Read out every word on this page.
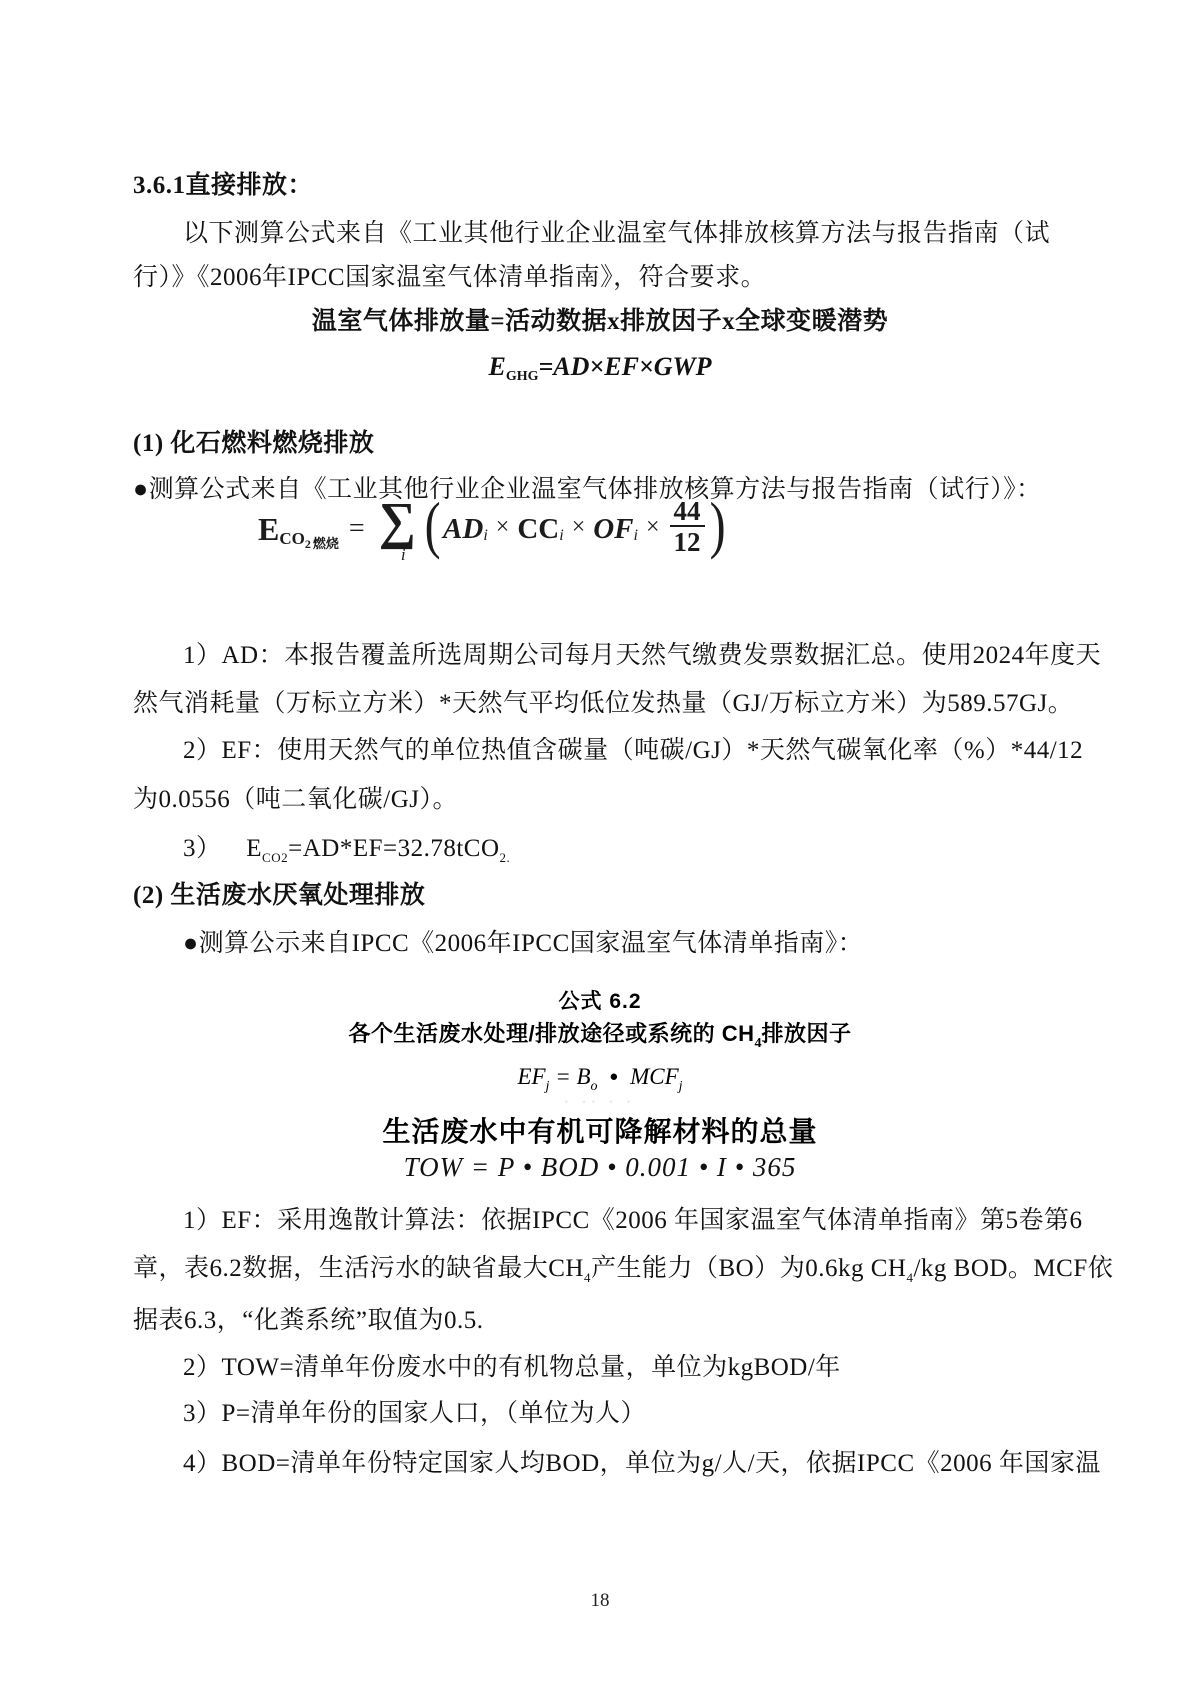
3.6.1直接排放：
以下测算公式来自《工业其他行业企业温室气体排放核算方法与报告指南（试
行）》《2006年IPCC国家温室气体清单指南》，符合要求。
温室气体排放量=活动数据x排放因子x全球变暖潜势
EGHG=AD×EF×GWP
(1) 化石燃料燃烧排放
●测算公式来自《工业其他行业企业温室气体排放核算方法与报告指南（试行）》：
E $CO_2$ $_{燃烧}$ = ∑
i ( AD i × CC i × OF $i \times \frac{44}{12}$ )
1）AD：本报告覆盖所选周期公司每月天然气缴费发票数据汇总。使用2024年度天
然气消耗量（万标立方米）*天然气平均低位发热量（GJ/万标立方米）为589.57GJ。
2）EF：使用天然气的单位热值含碳量（吨碳/GJ）*天然气碳氧化率（%）*44/12
为0.0556（吨二氧化碳/GJ）。
3） $E_{CO2}=AD*EF=32.78tCO_{2.}$
(2) 生活废水厌氧处理排放
●测算公示来自IPCC《2006年IPCC国家温室气体清单指南》：
公式 6.2
各个生活废水处理/排放途径或系统的 $CH_4$排放因子
$EF_j = B_o$ ● $MCF_j$
· ·· · ·
生活废水中有机可降解材料的总量
TOW = P • BOD • 0.001 • I • 365
1）EF：采用逸散计算法：依据IPCC《2006 年国家温室气体清单指南》第5卷第6
章，表6.2数据，生活污水的缺省最大$CH_4$产生能力（BO）为0.6kg $CH_4/kg$ BOD。MCF依
据表6.3，“化粪系统”取值为0.5.
2）TOW=清单年份废水中的有机物总量，单位为kgBOD/年
3）P=清单年份的国家人口，（单位为人）
4）BOD=清单年份特定国家人均BOD，单位为g/人/天，依据IPCC《2006 年国家温
18
